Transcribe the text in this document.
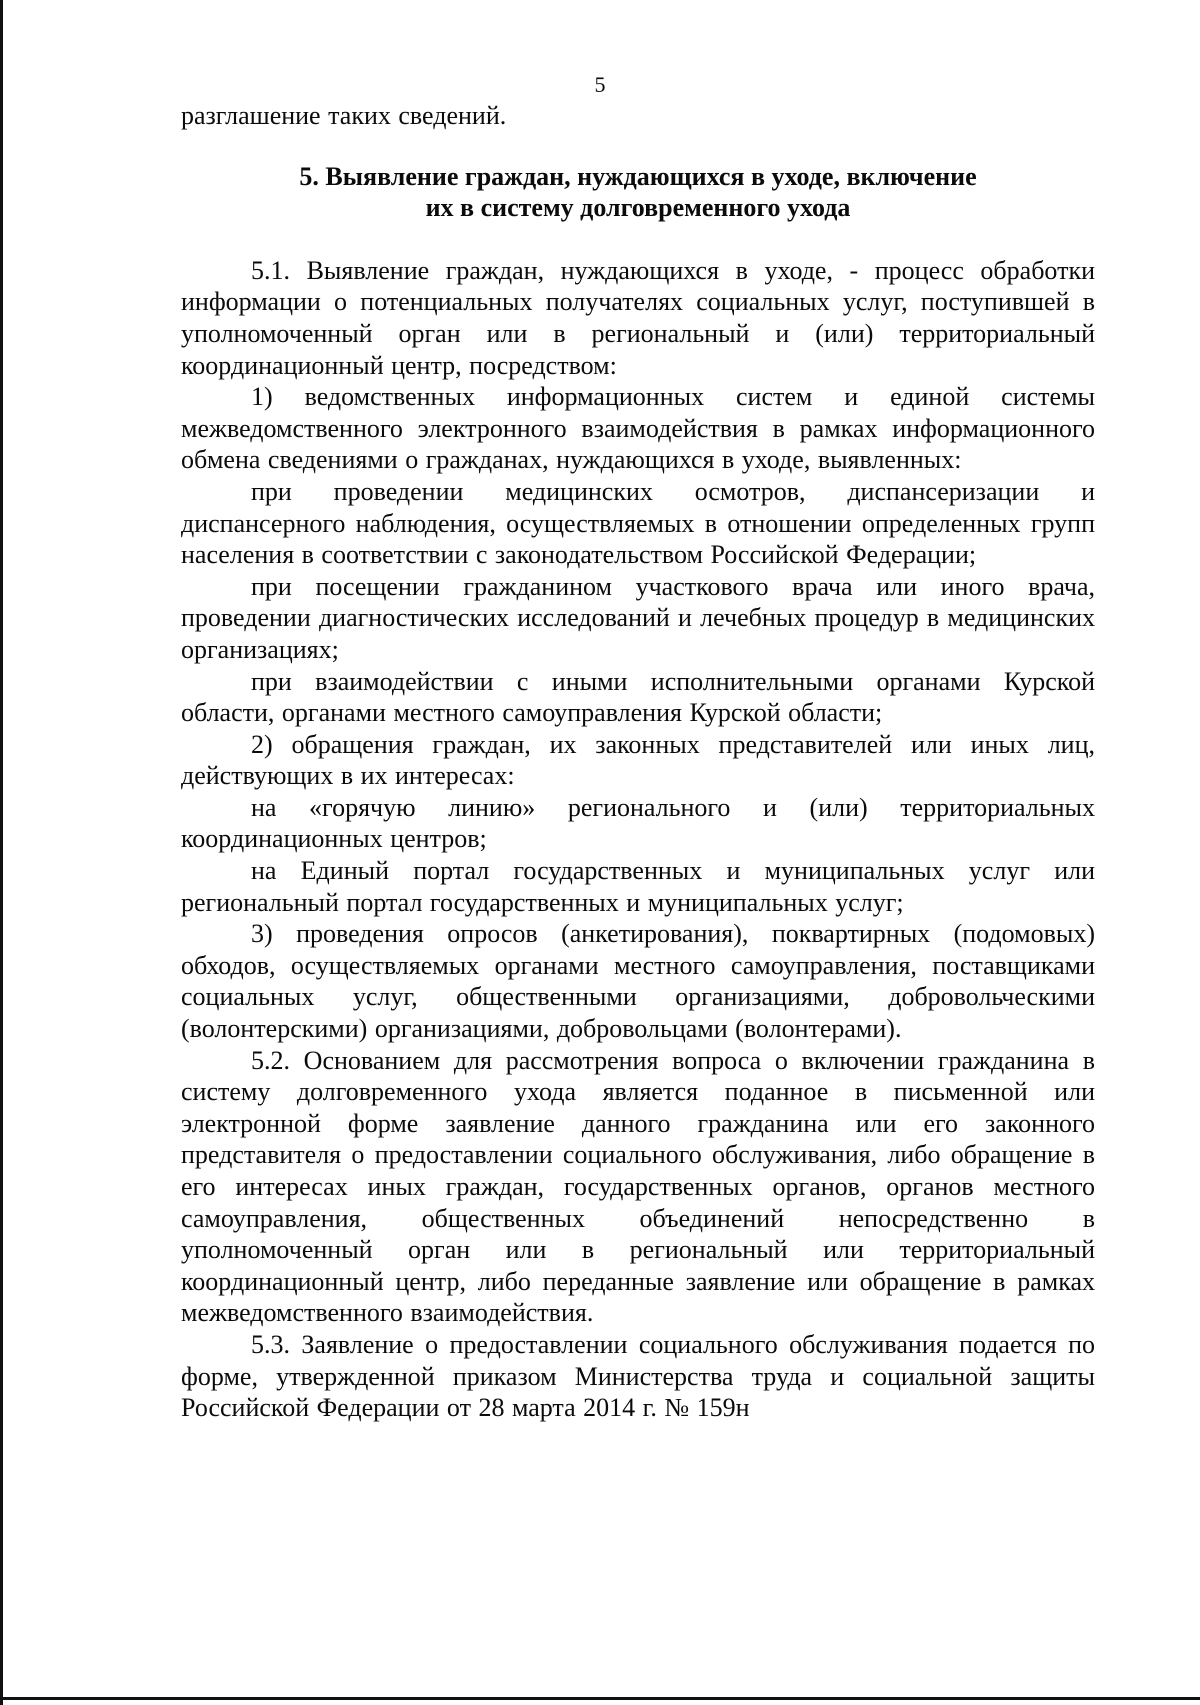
5

разглашение таких сведений.

5. Выявление граждан, нуждающихся в уходе, включение
их в систему долговременного ухода

5.1. Выявление граждан, нуждающихся в уходе, - процесс обработки информации о потенциальных получателях социальных услуг, поступившей в уполномоченный орган или в региональный и (или) территориальный координационный центр, посредством:

1) ведомственных информационных систем и единой системы межведомственного электронного взаимодействия в рамках информационного обмена сведениями о гражданах, нуждающихся в уходе, выявленных:

при проведении медицинских осмотров, диспансеризации и диспансерного наблюдения, осуществляемых в отношении определенных групп населения в соответствии с законодательством Российской Федерации;

при посещении гражданином участкового врача или иного врача, проведении диагностических исследований и лечебных процедур в медицинских организациях;

при взаимодействии с иными исполнительными органами Курской области, органами местного самоуправления Курской области;

2) обращения граждан, их законных представителей или иных лиц, действующих в их интересах:

на «горячую линию» регионального и (или) территориальных координационных центров;

на Единый портал государственных и муниципальных услуг или региональный портал государственных и муниципальных услуг;

3) проведения опросов (анкетирования), поквартирных (подомовых) обходов, осуществляемых органами местного самоуправления, поставщиками социальных услуг, общественными организациями, добровольческими (волонтерскими) организациями, добровольцами (волонтерами).

5.2. Основанием для рассмотрения вопроса о включении гражданина в систему долговременного ухода является поданное в письменной или электронной форме заявление данного гражданина или его законного представителя о предоставлении социального обслуживания, либо обращение в его интересах иных граждан, государственных органов, органов местного самоуправления, общественных объединений непосредственно в уполномоченный орган или в региональный или территориальный координационный центр, либо переданные заявление или обращение в рамках межведомственного взаимодействия.

5.3. Заявление о предоставлении социального обслуживания подается по форме, утвержденной приказом Министерства труда и социальной защиты Российской Федерации от 28 марта 2014 г. № 159н
